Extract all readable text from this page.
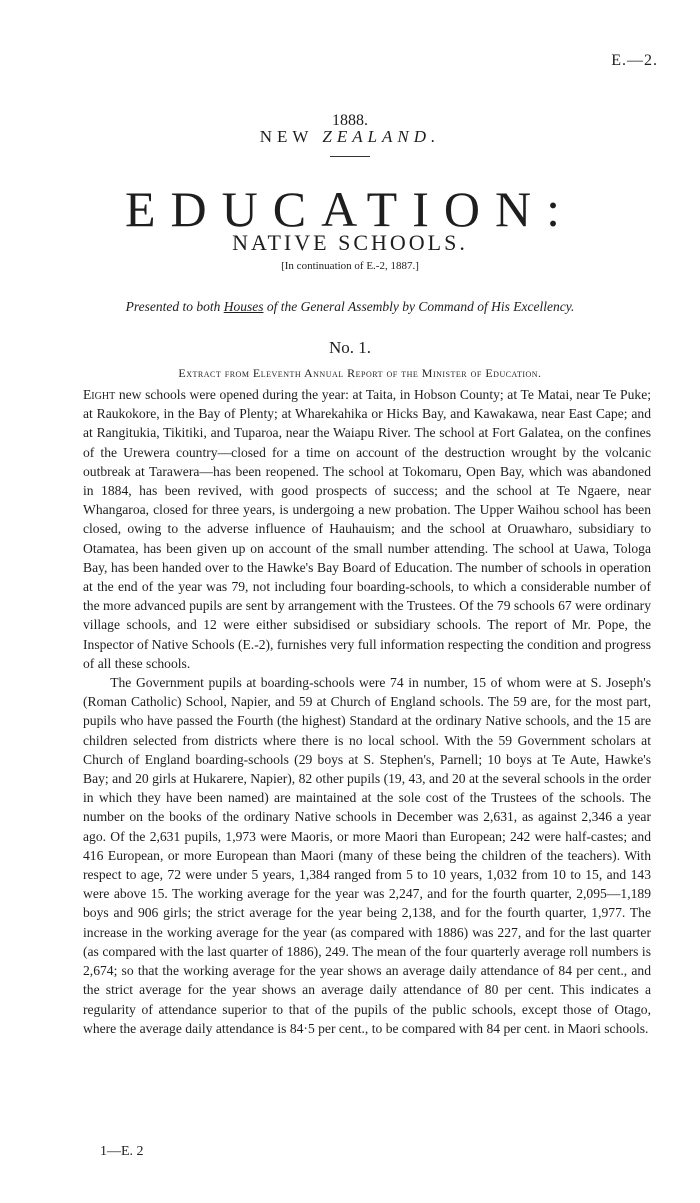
E.—2.
1888.
NEW ZEALAND.
EDUCATION:
NATIVE SCHOOLS.
[In continuation of E.-2, 1887.]
Presented to both Houses of the General Assembly by Command of His Excellency.
No. 1.
Extract from Eleventh Annual Report of the Minister of Education.

Eight new schools were opened during the year: at Taita, in Hobson County; at Te Matai, near Te Puke; at Raukokore, in the Bay of Plenty; at Wharekahika or Hicks Bay, and Kawakawa, near East Cape; and at Rangitukia, Tikitiki, and Tuparoa, near the Waiapu River. The school at Fort Galatea, on the confines of the Urewera country—closed for a time on account of the destruction wrought by the volcanic outbreak at Tarawera—has been reopened. The school at Tokomaru, Open Bay, which was abandoned in 1884, has been revived, with good prospects of success; and the school at Te Ngaere, near Whangaroa, closed for three years, is undergoing a new probation. The Upper Waihou school has been closed, owing to the adverse influence of Hauhauism; and the school at Oruawharo, subsidiary to Otamatea, has been given up on account of the small number attending. The school at Uawa, Tologa Bay, has been handed over to the Hawke's Bay Board of Education. The number of schools in operation at the end of the year was 79, not including four boarding-schools, to which a considerable number of the more advanced pupils are sent by arrangement with the Trustees. Of the 79 schools 67 were ordinary village schools, and 12 were either subsidised or subsidiary schools. The report of Mr. Pope, the Inspector of Native Schools (E.-2), furnishes very full information respecting the condition and progress of all these schools.

The Government pupils at boarding-schools were 74 in number, 15 of whom were at S. Joseph's (Roman Catholic) School, Napier, and 59 at Church of England schools. The 59 are, for the most part, pupils who have passed the Fourth (the highest) Standard at the ordinary Native schools, and the 15 are children selected from districts where there is no local school. With the 59 Government scholars at Church of England boarding-schools (29 boys at S. Stephen's, Parnell; 10 boys at Te Aute, Hawke's Bay; and 20 girls at Hukarere, Napier), 82 other pupils (19, 43, and 20 at the several schools in the order in which they have been named) are maintained at the sole cost of the Trustees of the schools. The number on the books of the ordinary Native schools in December was 2,631, as against 2,346 a year ago. Of the 2,631 pupils, 1,973 were Maoris, or more Maori than European; 242 were half-castes; and 416 European, or more European than Maori (many of these being the children of the teachers). With respect to age, 72 were under 5 years, 1,384 ranged from 5 to 10 years, 1,032 from 10 to 15, and 143 were above 15. The working average for the year was 2,247, and for the fourth quarter, 2,095—1,189 boys and 906 girls; the strict average for the year being 2,138, and for the fourth quarter, 1,977. The increase in the working average for the year (as compared with 1886) was 227, and for the last quarter (as compared with the last quarter of 1886), 249. The mean of the four quarterly average roll numbers is 2,674; so that the working average for the year shows an average daily attendance of 84 per cent., and the strict average for the year shows an average daily attendance of 80 per cent. This indicates a regularity of attendance superior to that of the pupils of the public schools, except those of Otago, where the average daily attendance is 84·5 per cent., to be compared with 84 per cent. in Maori schools.

1—E. 2
